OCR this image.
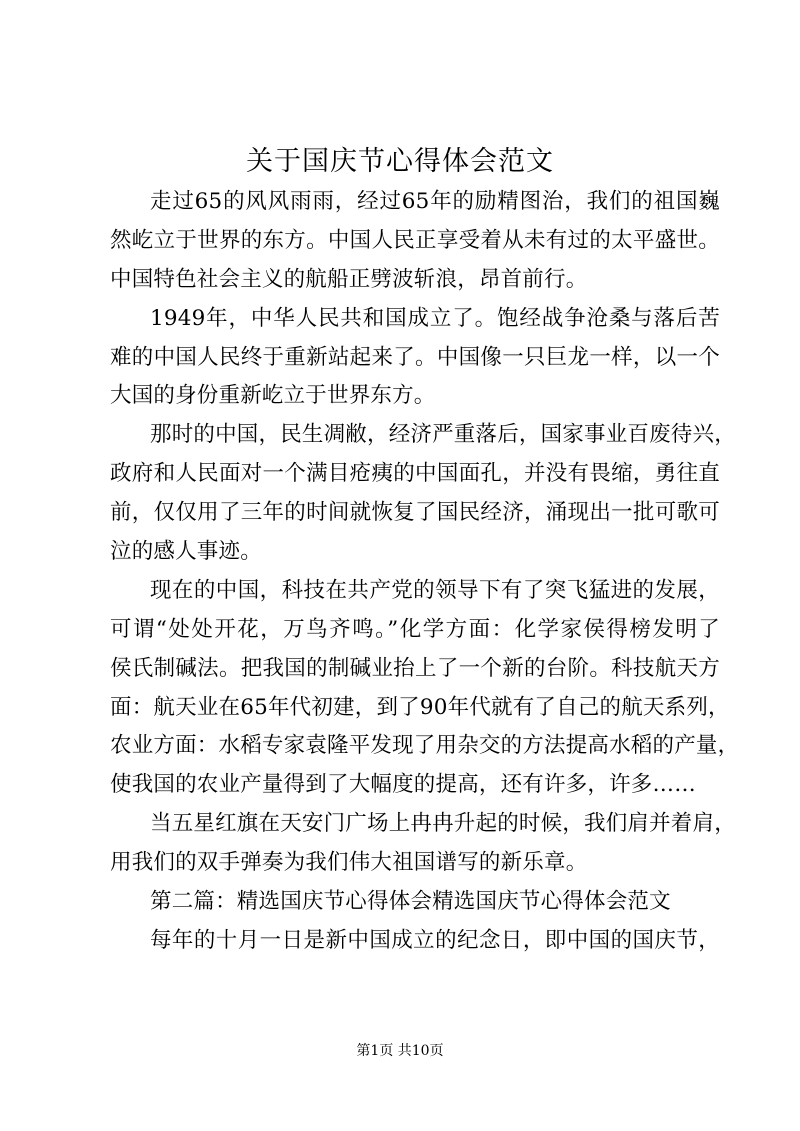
关于国庆节心得体会范文
走过65的风风雨雨，经过65年的励精图治，我们的祖国巍
然屹立于世界的东方。中国人民正享受着从未有过的太平盛世。
中国特色社会主义的航船正劈波斩浪，昂首前行。
1949年，中华人民共和国成立了。饱经战争沧桑与落后苦
难的中国人民终于重新站起来了。中国像一只巨龙一样，以一个
大国的身份重新屹立于世界东方。
那时的中国，民生凋敝，经济严重落后，国家事业百废待兴，
政府和人民面对一个满目疮痍的中国面孔，并没有畏缩，勇往直
前，仅仅用了三年的时间就恢复了国民经济，涌现出一批可歌可
泣的感人事迹。
现在的中国，科技在共产党的领导下有了突飞猛进的发展，
可谓“处处开花，万鸟齐鸣。”化学方面：化学家侯得榜发明了
侯氏制碱法。把我国的制碱业抬上了一个新的台阶。科技航天方
面：航天业在65年代初建，到了90年代就有了自己的航天系列，
农业方面：水稻专家袁隆平发现了用杂交的方法提高水稻的产量，
使我国的农业产量得到了大幅度的提高，还有许多，许多……
当五星红旗在天安门广场上冉冉升起的时候，我们肩并着肩，
用我们的双手弹奏为我们伟大祖国谱写的新乐章。
第二篇：精选国庆节心得体会精选国庆节心得体会范文
每年的十月一日是新中国成立的纪念日，即中国的国庆节，
第1页 共10页
